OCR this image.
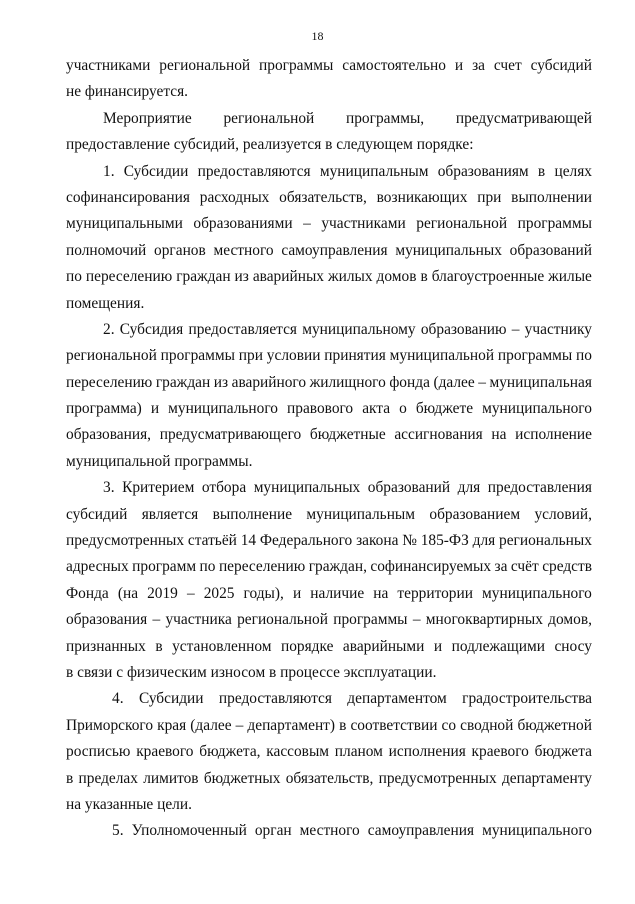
18
участниками региональной программы самостоятельно и за счет субсидий
не финансируется.
Мероприятие региональной программы, предусматривающей
предоставление субсидий, реализуется в следующем порядке:
1. Субсидии предоставляются муниципальным образованиям в целях
софинансирования расходных обязательств, возникающих при выполнении
муниципальными образованиями – участниками региональной программы
полномочий органов местного самоуправления муниципальных образований
по переселению граждан из аварийных жилых домов в благоустроенные жилые
помещения.
2. Субсидия предоставляется муниципальному образованию – участнику
региональной программы при условии принятия муниципальной программы по
переселению граждан из аварийного жилищного фонда (далее – муниципальная
программа) и муниципального правового акта о бюджете муниципального
образования, предусматривающего бюджетные ассигнования на исполнение
муниципальной программы.
3. Критерием отбора муниципальных образований для предоставления
субсидий является выполнение муниципальным образованием условий,
предусмотренных статьёй 14 Федерального закона № 185-ФЗ для региональных
адресных программ по переселению граждан, софинансируемых за счёт средств
Фонда (на 2019 – 2025 годы), и наличие на территории муниципального
образования – участника региональной программы – многоквартирных домов,
признанных в установленном порядке аварийными и подлежащими сносу
в связи с физическим износом в процессе эксплуатации.
4. Субсидии предоставляются департаментом градостроительства
Приморского края (далее – департамент) в соответствии со сводной бюджетной
росписью краевого бюджета, кассовым планом исполнения краевого бюджета
в пределах лимитов бюджетных обязательств, предусмотренных департаменту
на указанные цели.
5. Уполномоченный орган местного самоуправления муниципального
